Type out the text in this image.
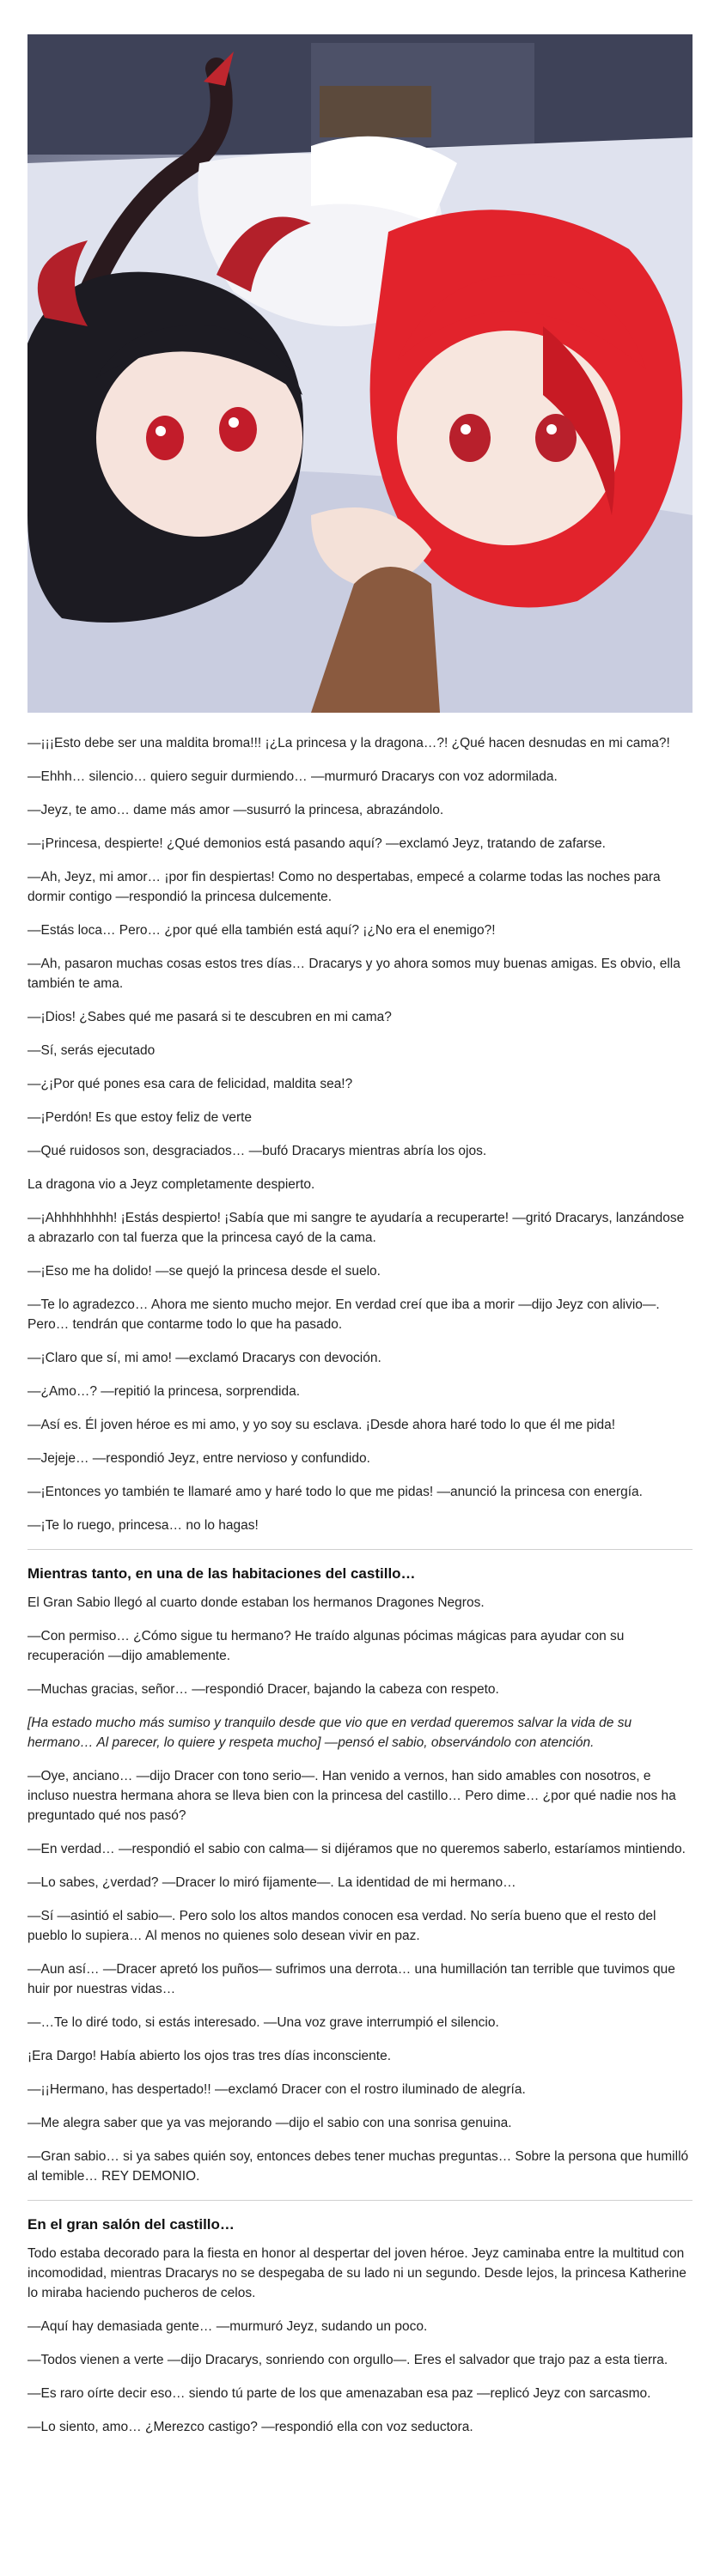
—¡¡¡Esto debe ser una maldita broma!!! ¡¿La princesa y la dragona…?! ¿Qué hacen desnudas en mi cama?!

—Ehhh… silencio… quiero seguir durmiendo… —murmuró Dracarys con voz adormilada.

—Jeyz, te amo… dame más amor —susurró la princesa, abrazándolo.

—¡Princesa, despierte! ¿Qué demonios está pasando aquí? —exclamó Jeyz, tratando de zafarse.

—Ah, Jeyz, mi amor… ¡por fin despiertas! Como no despertabas, empecé a colarme todas las noches para dormir contigo —respondió la princesa dulcemente.

—Estás loca… Pero… ¿por qué ella también está aquí? ¡¿No era el enemigo?!

—Ah, pasaron muchas cosas estos tres días… Dracarys y yo ahora somos muy buenas amigas. Es obvio, ella también te ama.

—¡Dios! ¿Sabes qué me pasará si te descubren en mi cama?

—Sí, serás ejecutado

—¿¡Por qué pones esa cara de felicidad, maldita sea!?

—¡Perdón! Es que estoy feliz de verte

—Qué ruidosos son, desgraciados… —bufó Dracarys mientras abría los ojos.

La dragona vio a Jeyz completamente despierto.

—¡Ahhhhhhhh! ¡Estás despierto! ¡Sabía que mi sangre te ayudaría a recuperarte! —gritó Dracarys, lanzándose a abrazarlo con tal fuerza que la princesa cayó de la cama.

—¡Eso me ha dolido! —se quejó la princesa desde el suelo.

—Te lo agradezco… Ahora me siento mucho mejor. En verdad creí que iba a morir —dijo Jeyz con alivio—. Pero… tendrán que contarme todo lo que ha pasado.

—¡Claro que sí, mi amo! —exclamó Dracarys con devoción.

—¿Amo…? —repitió la princesa, sorprendida.

—Así es. Él joven héroe es mi amo, y yo soy su esclava. ¡Desde ahora haré todo lo que él me pida!

—Jejeje… —respondió Jeyz, entre nervioso y confundido.

—¡Entonces yo también te llamaré amo y haré todo lo que me pidas! —anunció la princesa con energía.

—¡Te lo ruego, princesa… no lo hagas!

Mientras tanto, en una de las habitaciones del castillo…

El Gran Sabio llegó al cuarto donde estaban los hermanos Dragones Negros.

—Con permiso… ¿Cómo sigue tu hermano? He traído algunas pócimas mágicas para ayudar con su recuperación —dijo amablemente.

—Muchas gracias, señor… —respondió Dracer, bajando la cabeza con respeto.

[Ha estado mucho más sumiso y tranquilo desde que vio que en verdad queremos salvar la vida de su hermano… Al parecer, lo quiere y respeta mucho] —pensó el sabio, observándolo con atención.

—Oye, anciano… —dijo Dracer con tono serio—. Han venido a vernos, han sido amables con nosotros, e incluso nuestra hermana ahora se lleva bien con la princesa del castillo… Pero dime… ¿por qué nadie nos ha preguntado qué nos pasó?

—En verdad… —respondió el sabio con calma— si dijéramos que no queremos saberlo, estaríamos mintiendo.

—Lo sabes, ¿verdad? —Dracer lo miró fijamente—. La identidad de mi hermano…

—Sí —asintió el sabio—. Pero solo los altos mandos conocen esa verdad. No sería bueno que el resto del pueblo lo supiera… Al menos no quienes solo desean vivir en paz.

—Aun así… —Dracer apretó los puños— sufrimos una derrota… una humillación tan terrible que tuvimos que huir por nuestras vidas…

—…Te lo diré todo, si estás interesado. —Una voz grave interrumpió el silencio.

¡Era Dargo! Había abierto los ojos tras tres días inconsciente.

—¡¡Hermano, has despertado!! —exclamó Dracer con el rostro iluminado de alegría.

—Me alegra saber que ya vas mejorando —dijo el sabio con una sonrisa genuina.

—Gran sabio… si ya sabes quién soy, entonces debes tener muchas preguntas… Sobre la persona que humilló al temible… REY DEMONIO.

En el gran salón del castillo…

Todo estaba decorado para la fiesta en honor al despertar del joven héroe. Jeyz caminaba entre la multitud con incomodidad, mientras Dracarys no se despegaba de su lado ni un segundo. Desde lejos, la princesa Katherine lo miraba haciendo pucheros de celos.

—Aquí hay demasiada gente… —murmuró Jeyz, sudando un poco.

—Todos vienen a verte —dijo Dracarys, sonriendo con orgullo—. Eres el salvador que trajo paz a esta tierra.

—Es raro oírte decir eso… siendo tú parte de los que amenazaban esa paz —replicó Jeyz con sarcasmo.

—Lo siento, amo… ¿Merezco castigo? —respondió ella con voz seductora.
